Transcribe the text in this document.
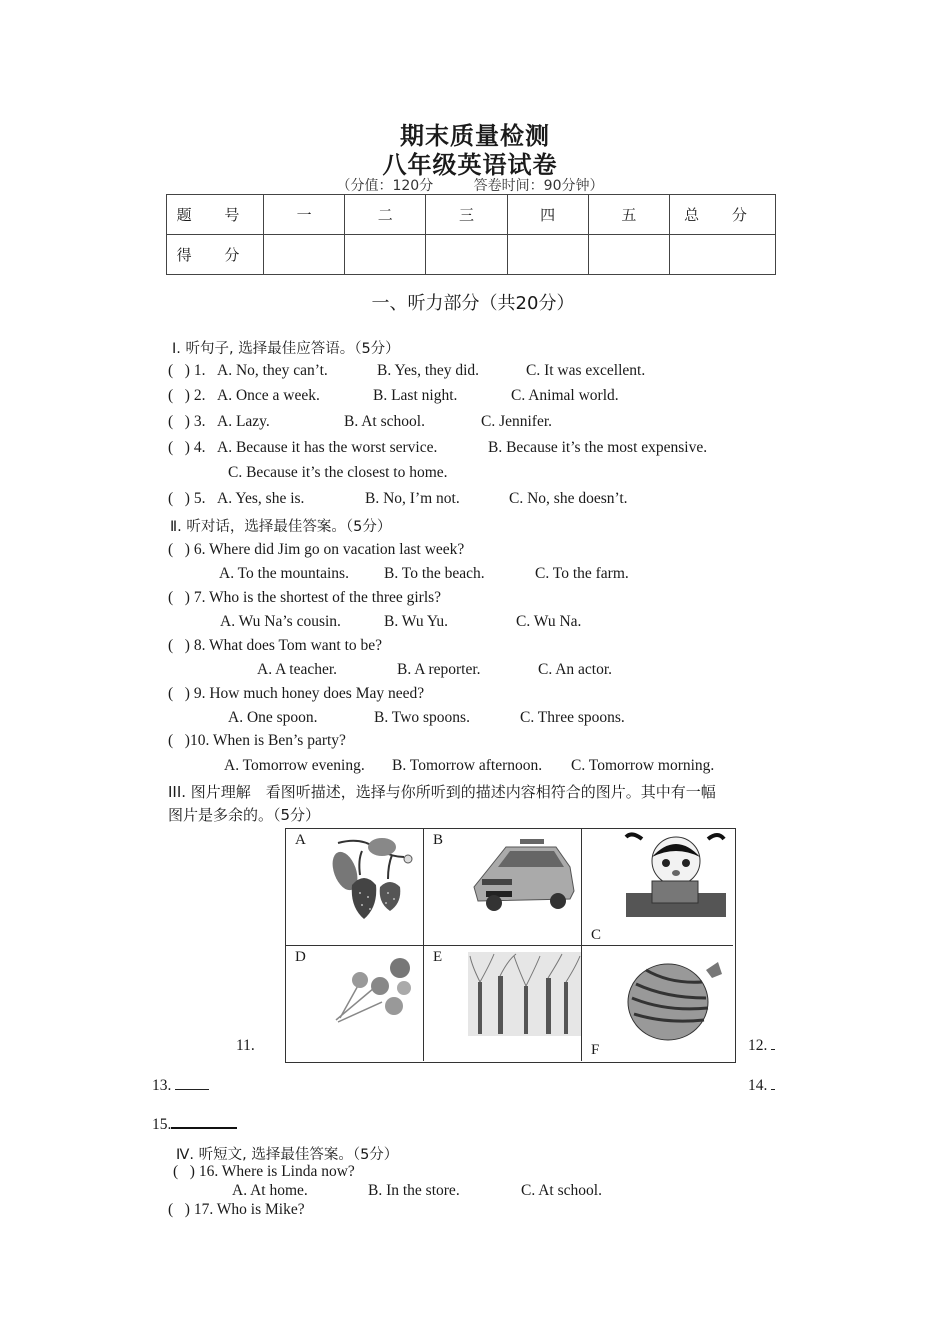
期末质量检测
八年级英语试卷
（分值：120分	答卷时间：90分钟）
题 号	一	二	三	四	五	总 分
得 分						
一、听力部分（共20分）
Ⅰ. 听句子, 选择最佳应答语。（5分）
(   ) 1. A. No, they can’t.	B. Yes, they did.	C. It was excellent.
(   ) 2. A. Once a week.	B. Last night.	C. Animal world.
(   ) 3. A. Lazy.	B. At school.	C. Jennifer.
(   ) 4. A. Because it has the worst service.	B. Because it’s the most expensive.
C. Because it’s the closest to home.
(   ) 5. A. Yes, she is.	B. No, I’m not.	C. No, she doesn’t.
Ⅱ. 听对话，选择最佳答案。（5分）
(   ) 6. Where did Jim go on vacation last week?
A. To the mountains. B. To the beach.	C. To the farm.
(   ) 7. Who is the shortest of the three girls?
A. Wu Na’s cousin.	B. Wu Yu.	C. Wu Na.
(   ) 8. What does Tom want to be?
A. A teacher.	B. A reporter.	C. An actor.
(   ) 9. How much honey does May need?
A. One spoon.	B. Two spoons.	C. Three spoons.
(   )10. When is Ben’s party?
A. Tomorrow evening. B. Tomorrow afternoon. C. Tomorrow morning.
III. 图片理解　看图听描述，选择与你所听到的描述内容相符合的图片。其中有一幅
图片是多余的。（5分）
A	B
C
D	E
F
11.	12.
13.	14.
15.
Ⅳ. 听短文, 选择最佳答案。（5分）
(   ) 16. Where is Linda now?
A. At home.	B. In the store.	C. At school.
(   ) 17. Who is Mike?
